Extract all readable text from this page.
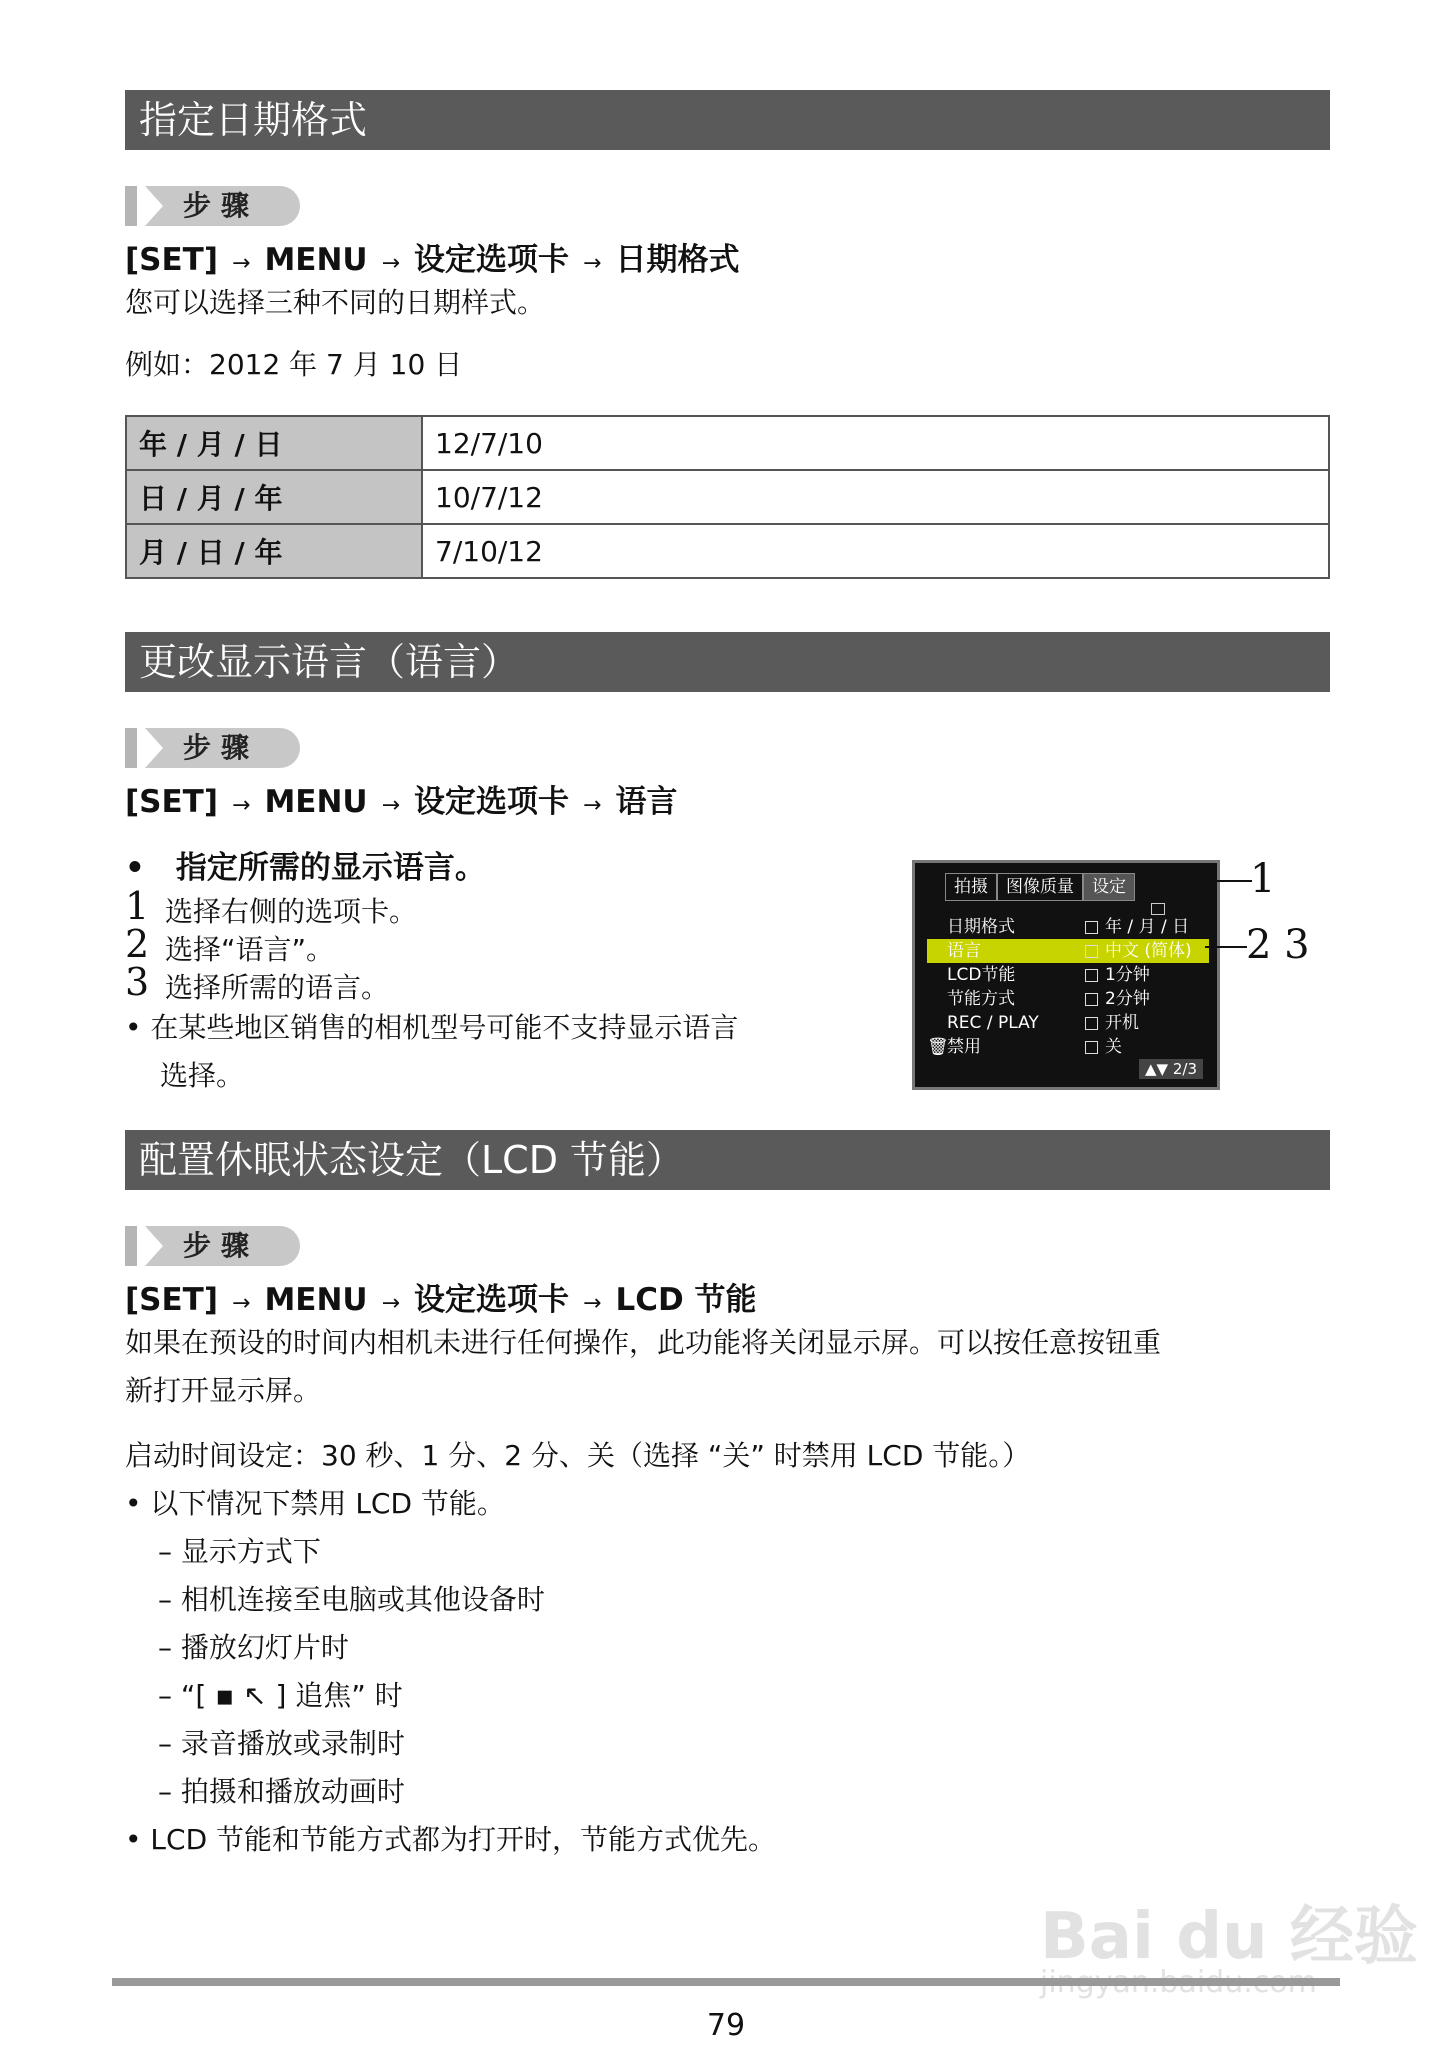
指定日期格式
步骤
[SET] → MENU → 设定选项卡 → 日期格式
您可以选择三种不同的日期样式。
例如：2012 年 7 月 10 日
年 / 月 / 日	12/7/10
日 / 月 / 年	10/7/12
月 / 日 / 年	7/10/12
更改显示语言（语言）
步骤
[SET] → MENU → 设定选项卡 → 语言
•　指定所需的显示语言。
1 选择右侧的选项卡。
2 选择“语言”。
3 选择所需的语言。
• 在某些地区销售的相机型号可能不支持显示语言
选择。
拍摄	图像质量	设定
日期格式	年 / 月 / 日
语言	中文 (简体)
LCD节能	1分钟
节能方式	2分钟
REC / PLAY	开机
🗑
禁用	关
▲▼ 2/3
1
2 3
配置休眠状态设定（LCD 节能）
步骤
[SET] → MENU → 设定选项卡 → LCD 节能
如果在预设的时间内相机未进行任何操作，此功能将关闭显示屏。可以按任意按钮重
新打开显示屏。
启动时间设定：30 秒、1 分、2 分、关（选择 “关” 时禁用 LCD 节能。）
• 以下情况下禁用 LCD 节能。
– 显示方式下
– 相机连接至电脑或其他设备时
– 播放幻灯片时
– “[ ▪ ↖ ] 追焦” 时
– 录音播放或录制时
– 拍摄和播放动画时
• LCD 节能和节能方式都为打开时，节能方式优先。
Bai du 经验
79
